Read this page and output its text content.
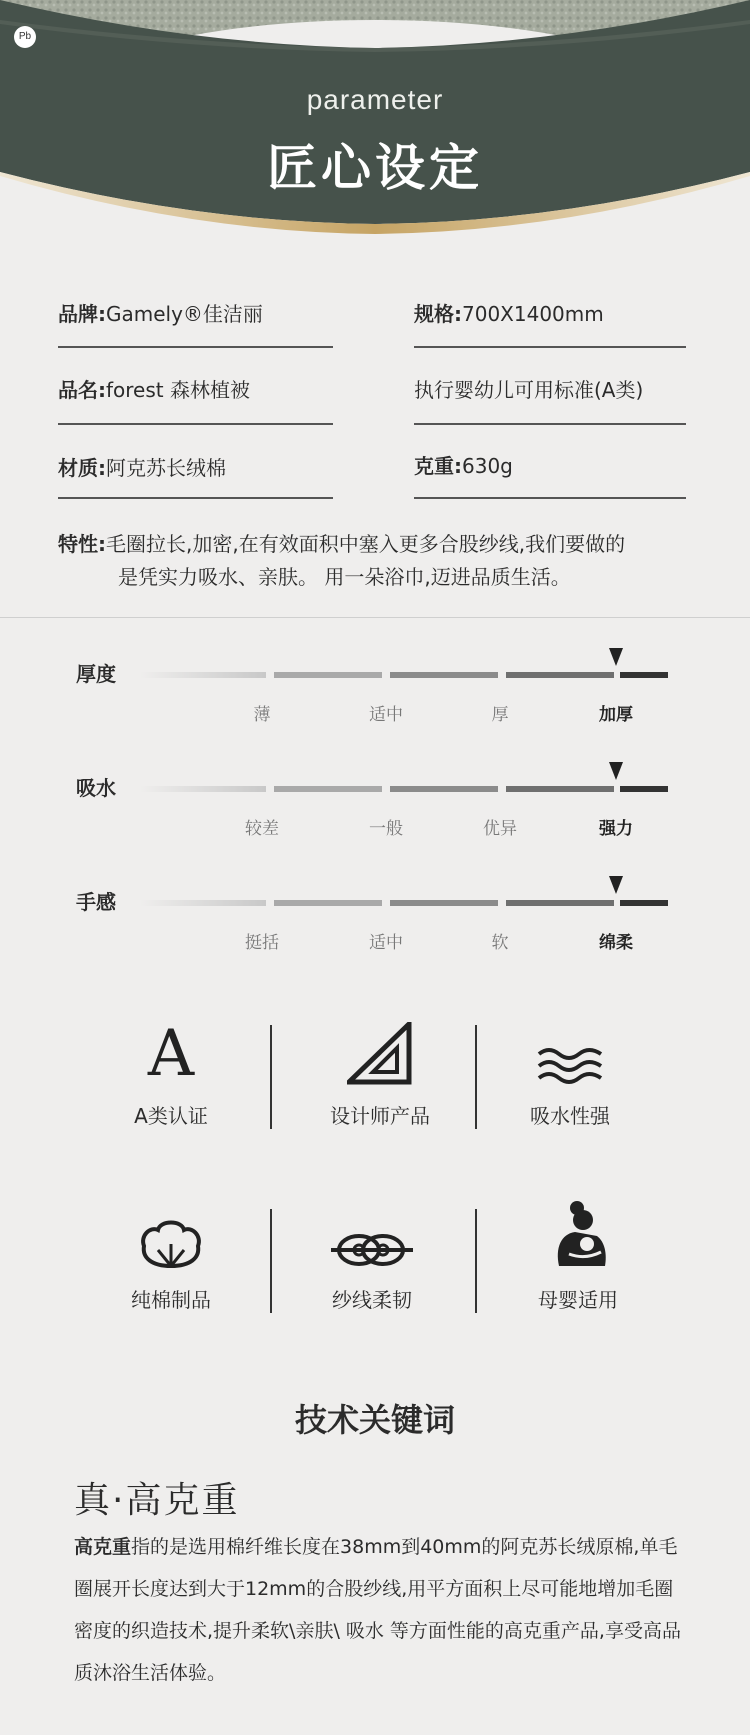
Pb
parameter
匠心设定
品牌:Gamely®佳洁丽	规格:700X1400mm
品名:forest 森林植被	执行婴幼儿可用标准(A类)
材质:阿克苏长绒棉	克重:630g
特性:毛圈拉长,加密,在有效面积中塞入更多合股纱线,我们要做的
是凭实力吸水、亲肤。 用一朵浴巾,迈进品质生活。
厚度
薄	适中	厚	加厚
吸水
较差	一般	优异	强力
手感
挺括	适中	软	绵柔
A
A类认证	设计师产品	吸水性强
纯棉制品	纱线柔韧	母婴适用
技术关键词
真·高克重
高克重指的是选用棉纤维长度在38mm到40mm的阿克苏长绒原棉,单毛圈展开长度达到大于12mm的合股纱线,用平方面积上尽可能地增加毛圈密度的织造技术,提升柔软\亲肤\ 吸水 等方面性能的高克重产品,享受高品质沐浴生活体验。
